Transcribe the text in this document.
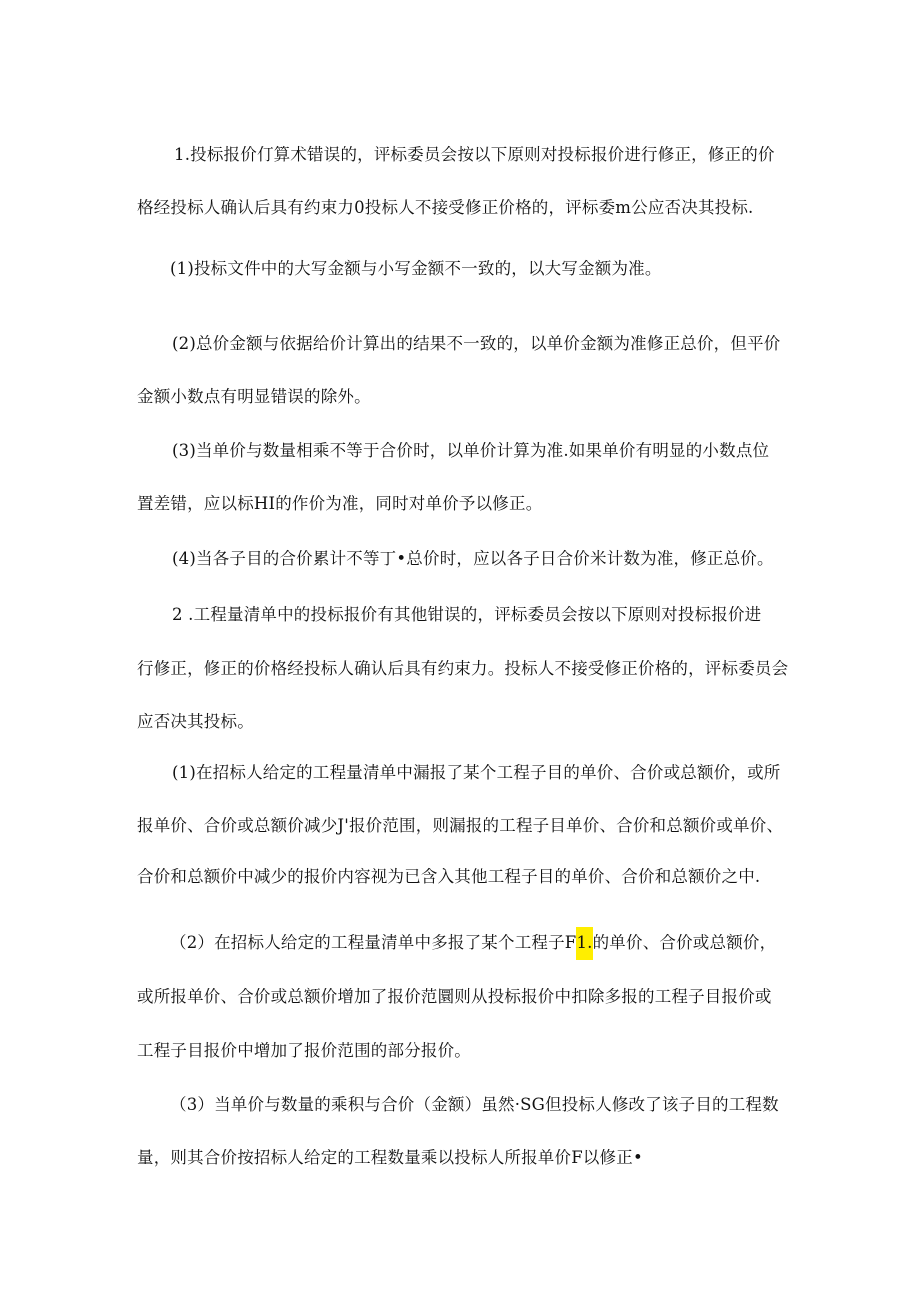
1.投标报价仃算术错误的，评标委员会按以下原则对投标报价进行修正，修正的价
格经投标人确认后具有约束力0投标人不接受修正价格的，评标委m公应否决其投标.
(1)投标文件中的大写金额与小写金额不一致的，以大写金额为准。
(2)总价金额与依据给价计算出的结果不一致的，以单价金额为准修正总价，但平价
金额小数点有明显错误的除外。
(3)当单价与数量相乘不等于合价时，以单价计算为准.如果单价有明显的小数点位
置差错，应以标HI的作价为准，同时对单价予以修正。
(4)当各子目的合价累计不等丁•总价时，应以各子日合价米计数为准，修正总价。
2 .工程量清单中的投标报价有其他钳误的，评标委员会按以下原则对投标报价进
行修正，修正的价格经投标人确认后具有约束力。投标人不接受修正价格的，评标委员会
应否决其投标。
(1)在招标人给定的工程量清单中漏报了某个工程子目的单价、合价或总额价，或所
报单价、合价或总额价减少J'报价范围，则漏报的工程子目单价、合价和总额价或单价、
合价和总额价中减少的报价内容视为已含入其他工程子目的单价、合价和总额价之中.
（2）在招标人给定的工程量清单中多报了某个工程子F1.的单价、合价或总额价，
或所报单价、合价或总额价增加了报价范圜则从投标报价中扣除多报的工程子目报价或
工程子目报价中增加了报价范围的部分报价。
（3）当单价与数量的乘积与合价（金额）虽然·SG但投标人修改了该子目的工程数
量，则其合价按招标人给定的工程数量乘以投标人所报单价F以修正•
